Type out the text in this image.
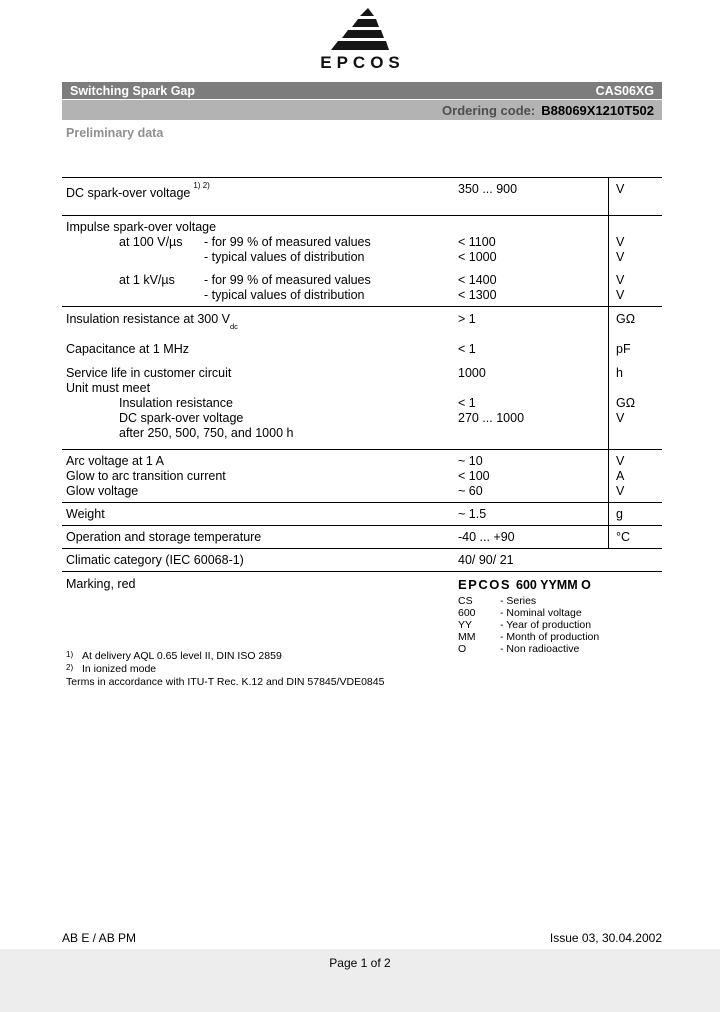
EPCOS
Switching Spark Gap	CAS06XG
Ordering code: B88069X1210T502
Preliminary data
DC spark-over voltage$^{1) 2)}$	350 ... 900	V
Impulse spark-over voltage
at 100 V/µs - for 99 % of measured values	< 1100	V
- typical values of distribution	< 1000	V
at 1 kV/µs - for 99 % of measured values	< 1400	V
- typical values of distribution	< 1300	V
Insulation resistance at 300 $V_{dc}$	> 1	GΩ
Capacitance at 1 MHz	< 1	pF
Service life in customer circuit	1000	h
Unit must meet
Insulation resistance	< 1	GΩ
DC spark-over voltage	270 ... 1000	V
after 250, 500, 750, and 1000 h
Arc voltage at 1 A	~ 10	V
Glow to arc transition current	< 100	A
Glow voltage	~ 60	V
Weight	~ 1.5	g
Operation and storage temperature	-40 ... +90	°C
Climatic category (IEC 60068-1)	40/ 90/ 21
Marking, red	EPCOS 600 YYMM O
CS	- Series
600 - Nominal voltage
YY	- Year of production
MM - Month of production
O	- Non radioactive
1) At delivery AQL 0.65 level II, DIN ISO 2859
2) In ionized mode
Terms in accordance with ITU-T Rec. K.12 and DIN 57845/VDE0845
AB E / AB PM	Issue 03, 30.04.2002
Page 1 of 2
